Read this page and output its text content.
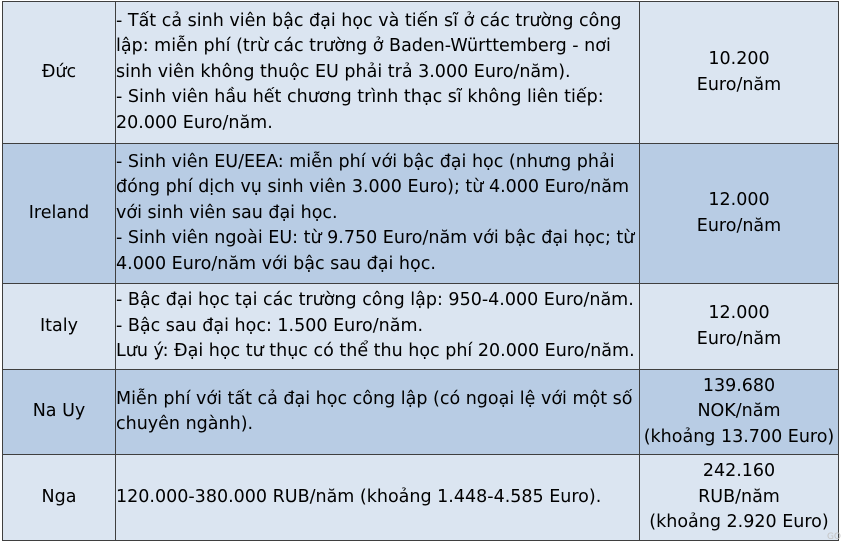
Đức	- Tất cả sinh viên bậc đại học và tiến sĩ ở các trường công
lập: miễn phí (trừ các trường ở Baden-Württemberg - nơi
sinh viên không thuộc EU phải trả 3.000 Euro/năm).
- Sinh viên hầu hết chương trình thạc sĩ không liên tiếp:
20.000 Euro/năm.	10.200
Euro/năm

Ireland	- Sinh viên EU/EEA: miễn phí với bậc đại học (nhưng phải
đóng phí dịch vụ sinh viên 3.000 Euro); từ 4.000 Euro/năm
với sinh viên sau đại học.
- Sinh viên ngoài EU: từ 9.750 Euro/năm với bậc đại học; từ
4.000 Euro/năm với bậc sau đại học.	12.000
Euro/năm

Italy	- Bậc đại học tại các trường công lập: 950-4.000 Euro/năm.
- Bậc sau đại học: 1.500 Euro/năm.
Lưu ý: Đại học tư thục có thể thu học phí 20.000 Euro/năm.	12.000
Euro/năm

Na Uy	Miễn phí với tất cả đại học công lập (có ngoại lệ với một số
chuyên ngành).	139.680
NOK/năm
(khoảng 13.700 Euro)

Nga	120.000-380.000 RUB/năm (khoảng 1.448-4.585 Euro).	242.160
RUB/năm
(khoảng 2.920 Euro)
GO
